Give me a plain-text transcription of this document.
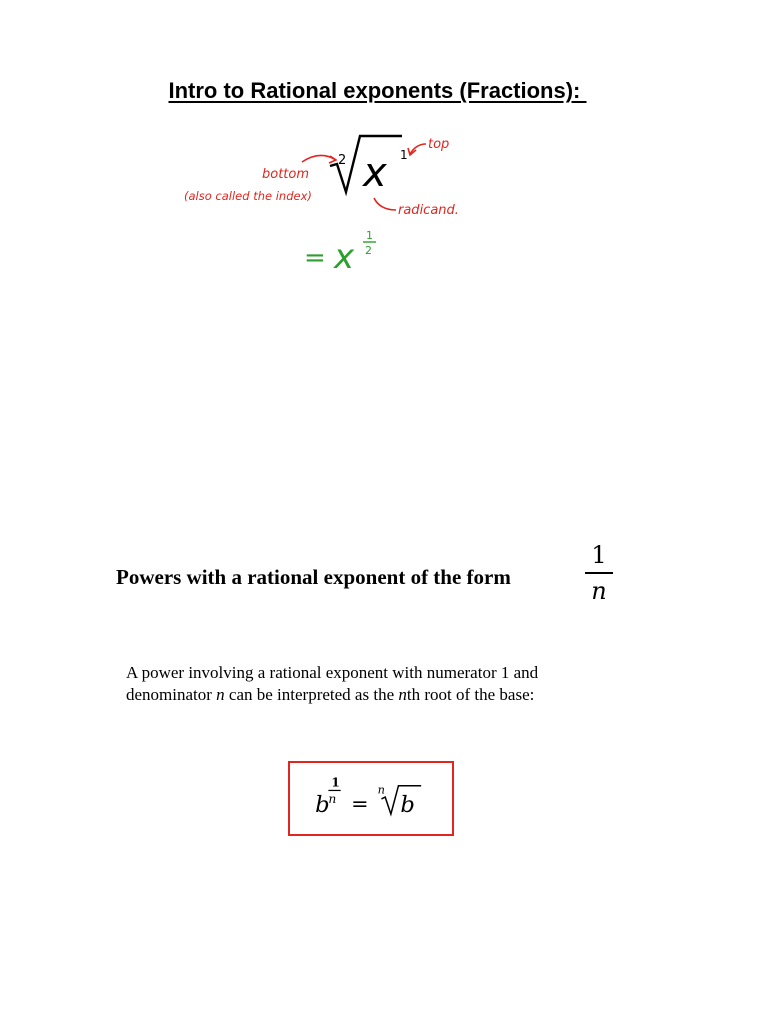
Intro to Rational exponents (Fractions):
bottom
(also called the index)
2 x 1
top
radicand.
= x
1
2
Powers with a rational exponent of the form
1
n
A power involving a rational exponent with numerator 1 and
denominator n can be interpreted as the nth root of the base:
b
1
n =
n
b
